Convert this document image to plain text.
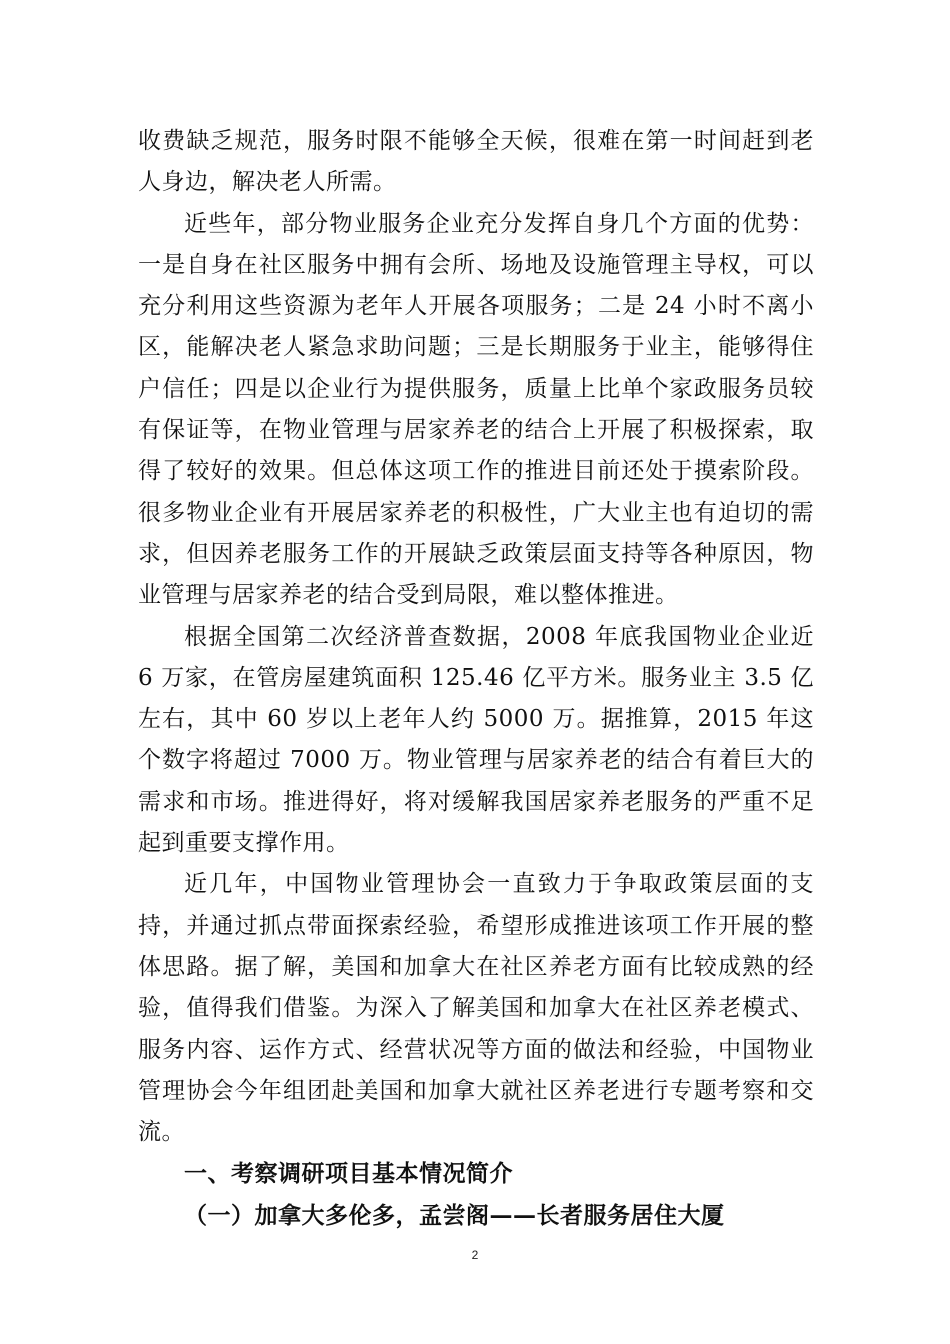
收费缺乏规范，服务时限不能够全天候，很难在第一时间赶到老人身边，解决老人所需。

近些年，部分物业服务企业充分发挥自身几个方面的优势：一是自身在社区服务中拥有会所、场地及设施管理主导权，可以充分利用这些资源为老年人开展各项服务；二是 24 小时不离小区，能解决老人紧急求助问题；三是长期服务于业主，能够得住户信任；四是以企业行为提供服务，质量上比单个家政服务员较有保证等，在物业管理与居家养老的结合上开展了积极探索，取得了较好的效果。但总体这项工作的推进目前还处于摸索阶段。很多物业企业有开展居家养老的积极性，广大业主也有迫切的需求，但因养老服务工作的开展缺乏政策层面支持等各种原因，物业管理与居家养老的结合受到局限，难以整体推进。

根据全国第二次经济普查数据，2008 年底我国物业企业近 6 万家，在管房屋建筑面积 125.46 亿平方米。服务业主 3.5 亿左右，其中 60 岁以上老年人约 5000 万。据推算，2015 年这个数字将超过 7000 万。物业管理与居家养老的结合有着巨大的需求和市场。推进得好，将对缓解我国居家养老服务的严重不足起到重要支撑作用。

近几年，中国物业管理协会一直致力于争取政策层面的支持，并通过抓点带面探索经验，希望形成推进该项工作开展的整体思路。据了解，美国和加拿大在社区养老方面有比较成熟的经验，值得我们借鉴。为深入了解美国和加拿大在社区养老模式、服务内容、运作方式、经营状况等方面的做法和经验，中国物业管理协会今年组团赴美国和加拿大就社区养老进行专题考察和交流。

一、考察调研项目基本情况简介

（一）加拿大多伦多，孟尝阁——长者服务居住大厦

2
